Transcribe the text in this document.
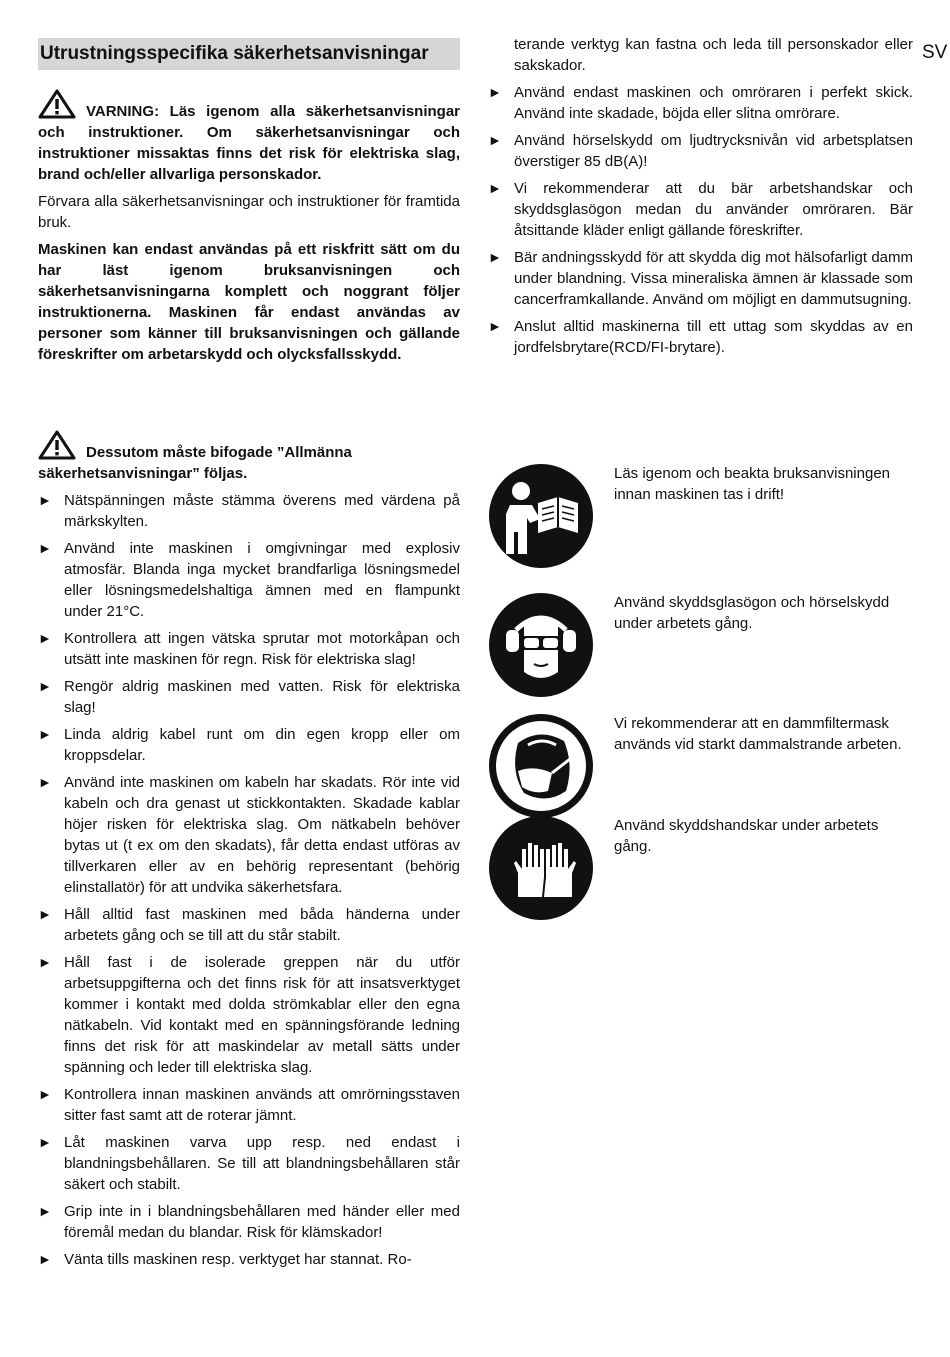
SV
Utrustningsspecifika säkerhetsanvisningar

VARNING: Läs igenom alla säkerhetsanvisningar och instruktioner. Om säkerhetsanvisningar och instruktioner missaktas finns det risk för elektriska slag, brand och/eller allvarliga personskador.

Förvara alla säkerhetsanvisningar och instruktioner för framtida bruk.

Maskinen kan endast användas på ett riskfritt sätt om du har läst igenom bruksanvisningen och säkerhetsanvisningarna komplett och noggrant följer instruktionerna. Maskinen får endast användas av personer som känner till bruksanvisningen och gällande föreskrifter om arbetarskydd och olycksfallsskydd.

terande verktyg kan fastna och leda till personskador eller sakskador.
► Använd endast maskinen och omröraren i perfekt skick. Använd inte skadade, böjda eller slitna omrörare.
► Använd hörselskydd om ljudtrycksnivån vid arbetsplatsen överstiger 85 dB(A)!
► Vi rekommenderar att du bär arbetshandskar och skyddsglasögon medan du använder omröraren. Bär åtsittande kläder enligt gällande föreskrifter.
► Bär andningsskydd för att skydda dig mot hälsofarligt damm under blandning. Vissa mineraliska ämnen är klassade som cancerframkallande. Använd om möjligt en dammutsugning.
► Anslut alltid maskinerna till ett uttag som skyddas av en jordfelsbrytare(RCD/FI-brytare).

Dessutom måste bifogade ”Allmänna säkerhetsanvisningar” följas.

► Nätspänningen måste stämma överens med värdena på märkskylten.
► Använd inte maskinen i omgivningar med explosiv atmosfär. Blanda inga mycket brandfarliga lösningsmedel eller lösningsmedelshaltiga ämnen med en flampunkt under 21°C.
► Kontrollera att ingen vätska sprutar mot motorkåpan och utsätt inte maskinen för regn. Risk för elektriska slag!
► Rengör aldrig maskinen med vatten. Risk för elektriska slag!
► Linda aldrig kabel runt om din egen kropp eller om kroppsdelar.
► Använd inte maskinen om kabeln har skadats. Rör inte vid kabeln och dra genast ut stickkontakten. Skadade kablar höjer risken för elektriska slag. Om nätkabeln behöver bytas ut (t ex om den skadats), får detta endast utföras av tillverkaren eller av en behörig representant (behörig elinstallatör) för att undvika säkerhetsfara.
► Håll alltid fast maskinen med båda händerna under arbetets gång och se till att du står stabilt.
► Håll fast i de isolerade greppen när du utför arbetsuppgifterna och det finns risk för att insatsverktyget kommer i kontakt med dolda strömkablar eller den egna nätkabeln. Vid kontakt med en spänningsförande ledning finns det risk för att maskindelar av metall sätts under spänning och leder till elektriska slag.
► Kontrollera innan maskinen används att omrörningsstaven sitter fast samt att de roterar jämnt.
► Låt maskinen varva upp resp. ned endast i blandningsbehållaren. Se till att blandningsbehållaren står säkert och stabilt.
► Grip inte in i blandningsbehållaren med händer eller med föremål medan du blandar. Risk för klämskador!
► Vänta tills maskinen resp. verktyget har stannat. Ro-
Läs igenom och beakta bruksanvisningen innan maskinen tas i drift!
Använd skyddsglasögon och hörselskydd under arbetets gång.
Vi rekommenderar att en dammfiltermask används vid starkt dammalstrande arbeten.
Använd skyddshandskar under arbetets gång.
